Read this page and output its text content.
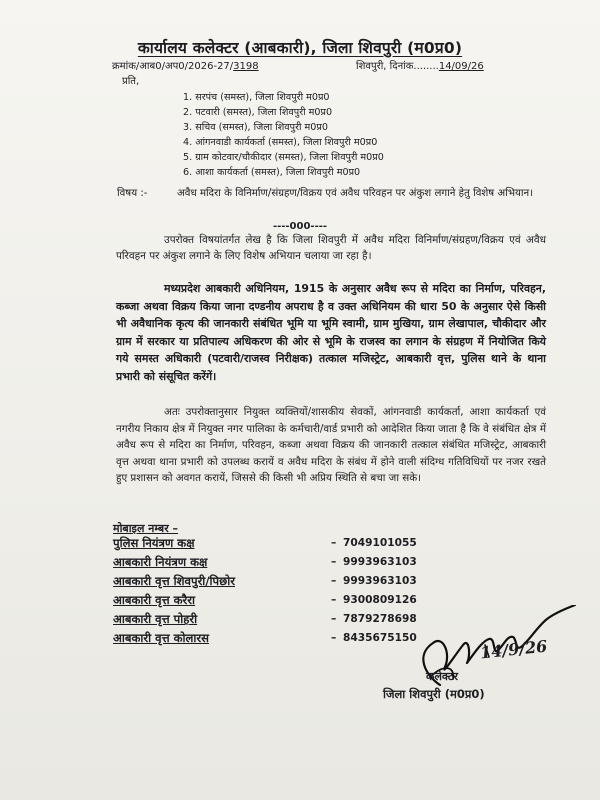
कार्यालय कलेक्टर (आबकारी), जिला शिवपुरी (म0प्र0)
क्रमांक/आब0/अप0/2026-27/3198	शिवपुरी, दिनांक........14/09/26
प्रति,
1. सरपंच (समस्त), जिला शिवपुरी म0प्र0
2. पटवारी (समस्त), जिला शिवपुरी म0प्र0
3. सचिव (समस्त), जिला शिवपुरी म0प्र0
4. आंगनवाडी कार्यकर्ता (समस्त), जिला शिवपुरी म0प्र0
5. ग्राम कोटवार/चौकीदार (समस्त), जिला शिवपुरी म0प्र0
6. आशा कार्यकर्ता (समस्त), जिला शिवपुरी म0प्र0
विषय :-	अवैध मदिरा के विनिर्माण/संग्रहण/विक्रय एवं अवैध परिवहन पर अंकुश लगाने हेतु विशेष अभियान।
----000----
उपरोक्त विषयांतर्गत लेख है कि जिला शिवपुरी में अवैध मदिरा विनिर्माण/संग्रहण/विक्रय एवं अवैध परिवहन पर अंकुश लगाने के लिए विशेष अभियान चलाया जा रहा है।
मध्यप्रदेश आबकारी अधिनियम, 1915 के अनुसार अवैध रूप से मदिरा का निर्माण, परिवहन, कब्जा अथवा विक्रय किया जाना दण्डनीय अपराध है व उक्त अधिनियम की धारा 50 के अनुसार ऐसे किसी भी अवैधानिक कृत्य की जानकारी संबंधित भूमि या भूमि स्वामी, ग्राम मुखिया, ग्राम लेखापाल, चौकीदार और ग्राम में सरकार या प्रतिपाल्य अधिकरण की ओर से भूमि के राजस्व का लगान के संग्रहण में नियोजित किये गये समस्त अधिकारी (पटवारी/राजस्व निरीक्षक) तत्काल मजिस्ट्रेट, आबकारी वृत्त, पुलिस थाने के थाना प्रभारी को संसूचित करेंगें।
अतः उपरोक्तानुसार नियुक्त व्यक्तियों/शासकीय सेवकों, आंगनवाडी कार्यकर्ता, आशा कार्यकर्ता एवं नगरीय निकाय क्षेत्र में नियुक्त नगर पालिका के कर्मचारी/वार्ड प्रभारी को आदेशित किया जाता है कि वे संबंधित क्षेत्र में अवैध रूप से मदिरा का निर्माण, परिवहन, कब्जा अथवा विक्रय की जानकारी तत्काल संबंधित मजिस्ट्रेट, आबकारी वृत्त अथवा थाना प्रभारी को उपलब्ध करायें व अवैध मदिरा के संबंध में होने वाली संदिग्ध गतिविधियों पर नजर रखते हुए प्रशासन को अवगत करायें, जिससे की किसी भी अप्रिय स्थिति से बचा जा सके।
मोबाइल नम्बर –
पुलिस नियंत्रण कक्ष	– 7049101055
आबकारी नियंत्रण कक्ष	– 9993963103
आबकारी वृत्त शिवपुरी/पिछोर	– 9993963103
आबकारी वृत्त करैरा	– 9300809126
आबकारी वृत्त पोहरी	– 7879278698
आबकारी वृत्त कोलारस	– 8435675150	14/9/26
कलेक्टर
जिला शिवपुरी (म0प्र0)
